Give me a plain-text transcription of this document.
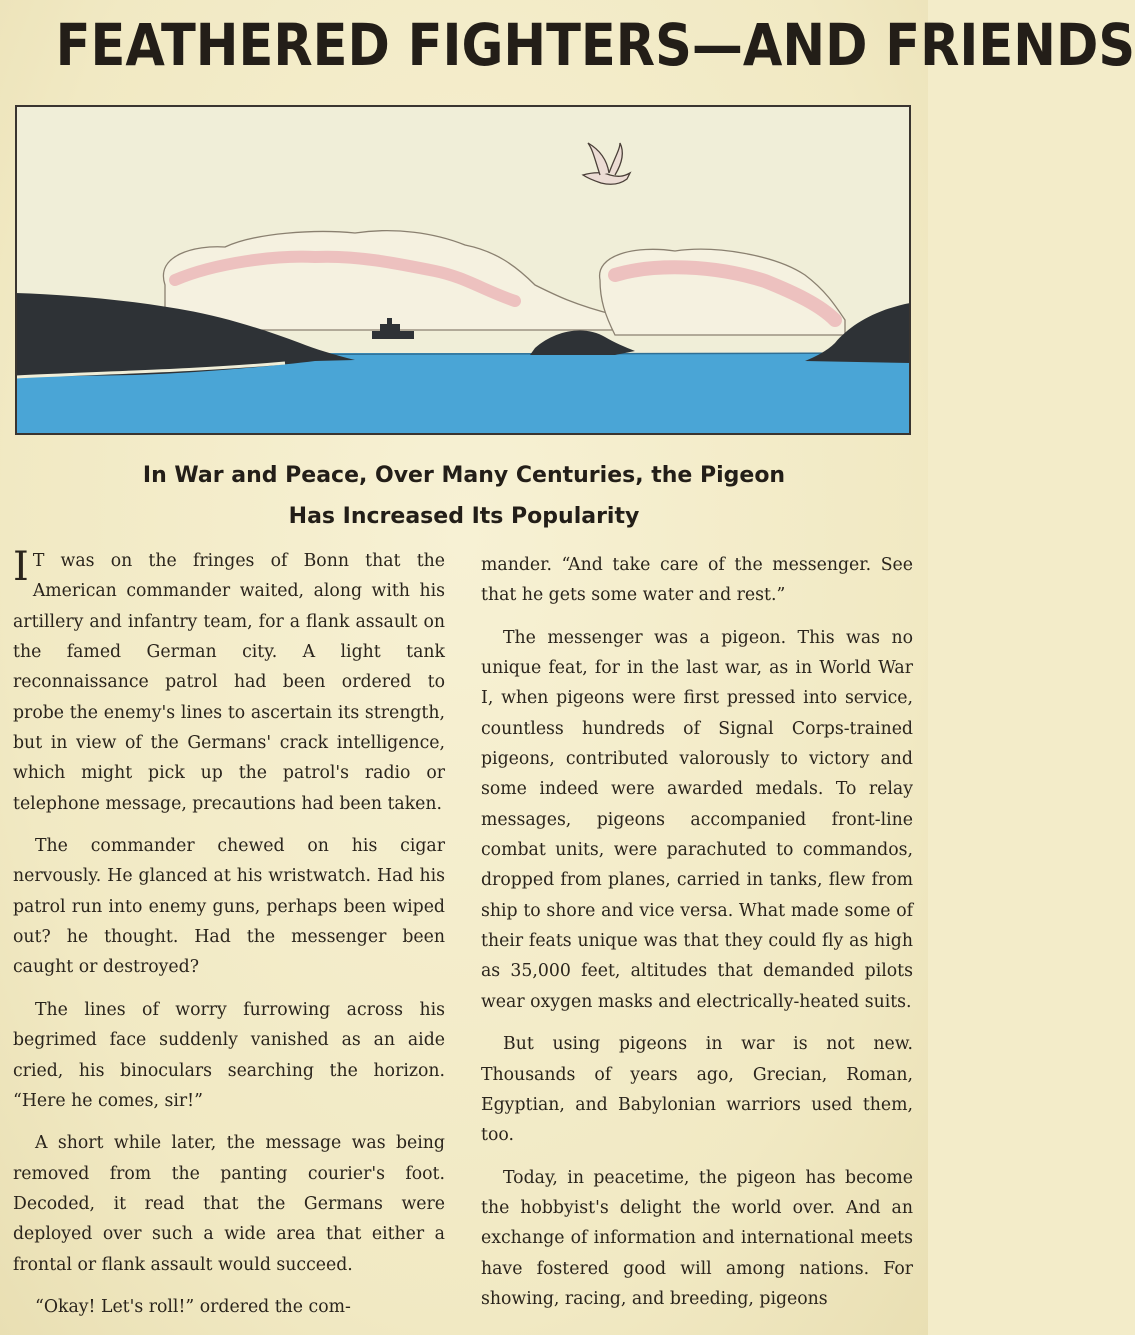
FEATHERED FIGHTERS—AND FRIENDS
In War and Peace, Over Many Centuries, the Pigeon
Has Increased Its Popularity

I T was on the fringes of Bonn that the American commander waited, along with his artillery and infantry team, for a flank assault on the famed German city. A light tank reconnaissance patrol had been ordered to probe the enemy's lines to ascertain its strength, but in view of the Germans' crack intelligence, which might pick up the patrol's radio or telephone message, precautions had been taken.

The commander chewed on his cigar nervously. He glanced at his wristwatch. Had his patrol run into enemy guns, perhaps been wiped out? he thought. Had the messenger been caught or destroyed?

The lines of worry furrowing across his begrimed face suddenly vanished as an aide cried, his binoculars searching the horizon. “Here he comes, sir!”

A short while later, the message was being removed from the panting courier's foot. Decoded, it read that the Germans were deployed over such a wide area that either a frontal or flank assault would succeed.

“Okay! Let's roll!” ordered the com-

mander. “And take care of the messenger. See that he gets some water and rest.”

The messenger was a pigeon. This was no unique feat, for in the last war, as in World War I, when pigeons were first pressed into service, countless hundreds of Signal Corps-trained pigeons, contributed valorously to victory and some indeed were awarded medals. To relay messages, pigeons accompanied front-line combat units, were parachuted to commandos, dropped from planes, carried in tanks, flew from ship to shore and vice versa. What made some of their feats unique was that they could fly as high as 35,000 feet, altitudes that demanded pilots wear oxygen masks and electrically-heated suits.

But using pigeons in war is not new. Thousands of years ago, Grecian, Roman, Egyptian, and Babylonian warriors used them, too.

Today, in peacetime, the pigeon has become the hobbyist's delight the world over. And an exchange of information and international meets have fostered good will among nations. For showing, racing, and breeding, pigeons
